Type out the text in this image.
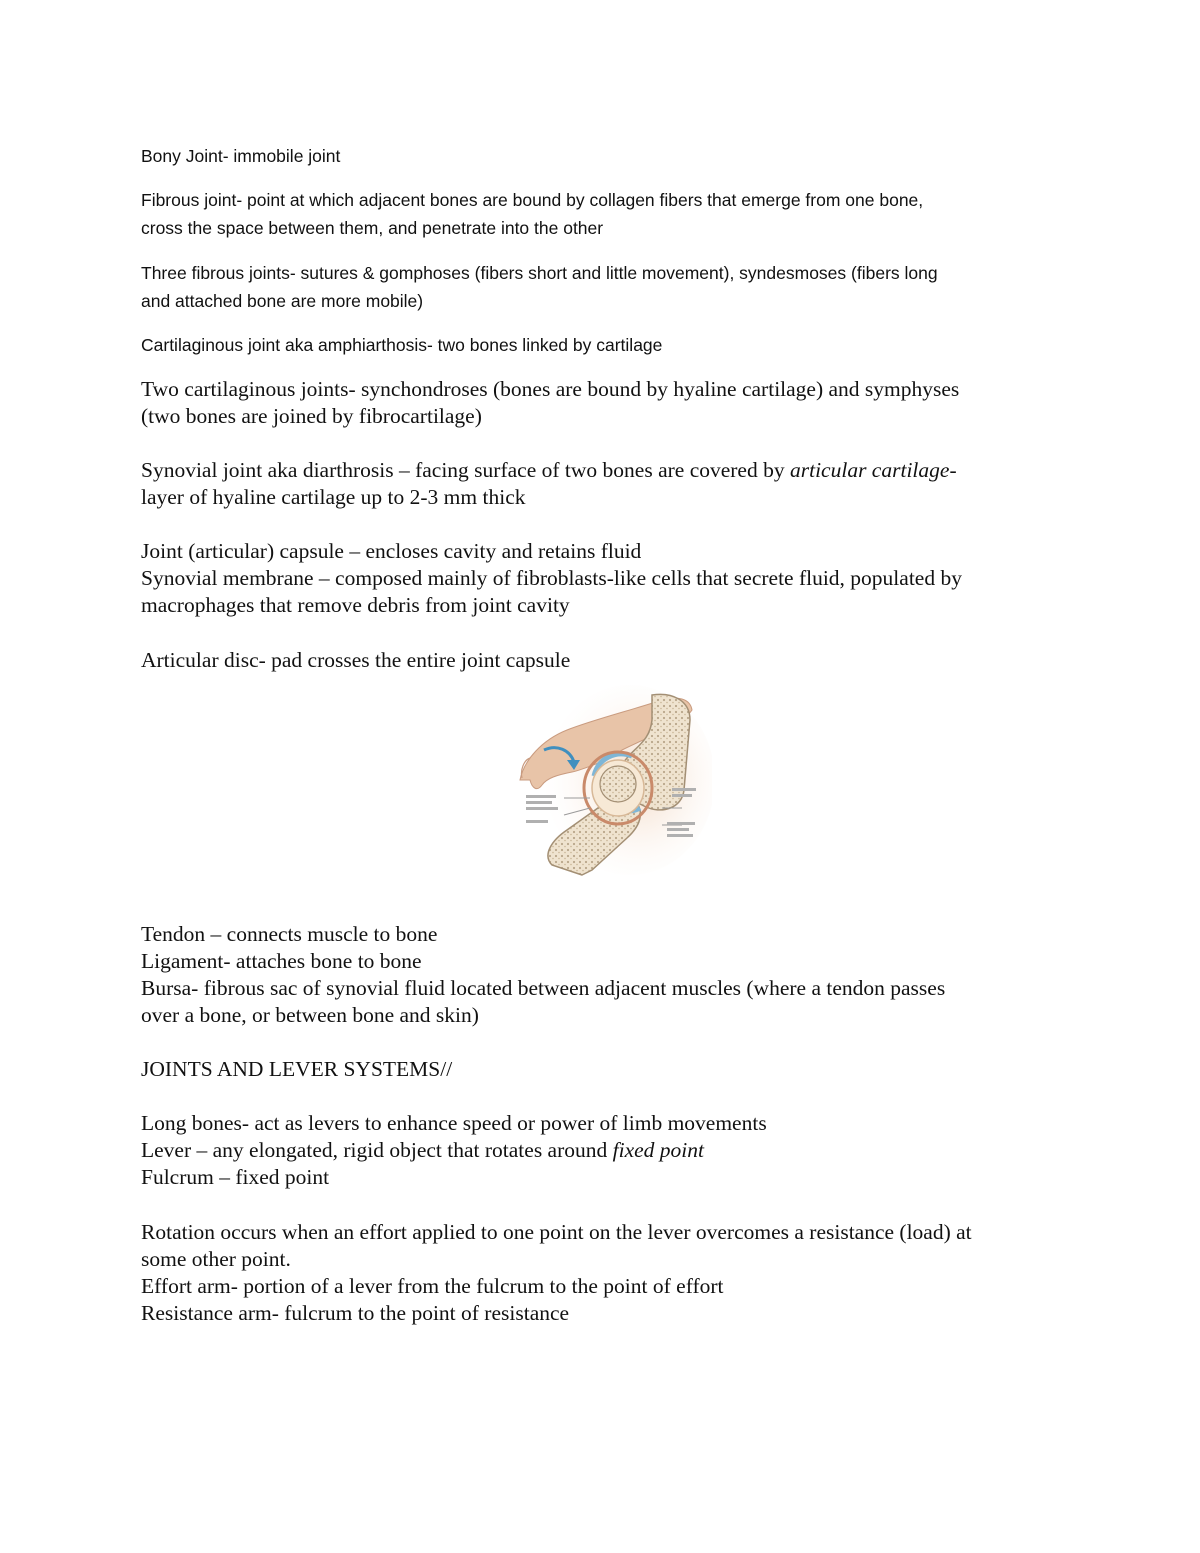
Bony Joint- immobile joint

Fibrous joint- point at which adjacent bones are bound by collagen fibers that emerge from one bone,

cross the space between them, and penetrate into the other

Three fibrous joints- sutures & gomphoses (fibers short and little movement), syndesmoses (fibers long

and attached bone are more mobile)

Cartilaginous joint aka amphiarthosis- two bones linked by cartilage

Two cartilaginous joints- synchondroses (bones are bound by hyaline cartilage) and symphyses

(two bones are joined by fibrocartilage)

Synovial joint aka diarthrosis – facing surface of two bones are covered by articular cartilage-

layer of hyaline cartilage up to 2-3 mm thick

Joint (articular) capsule – encloses cavity and retains fluid

Synovial membrane – composed mainly of fibroblasts-like cells that secrete fluid, populated by

macrophages that remove debris from joint cavity

Articular disc- pad crosses the entire joint capsule

Tendon – connects muscle to bone

Ligament- attaches bone to bone

Bursa- fibrous sac of synovial fluid located between adjacent muscles (where a tendon passes

over a bone, or between bone and skin)

JOINTS AND LEVER SYSTEMS//

Long bones- act as levers to enhance speed or power of limb movements

Lever – any elongated, rigid object that rotates around fixed point

Fulcrum – fixed point

Rotation occurs when an effort applied to one point on the lever overcomes a resistance (load) at

some other point.

Effort arm- portion of a lever from the fulcrum to the point of effort

Resistance arm- fulcrum to the point of resistance
